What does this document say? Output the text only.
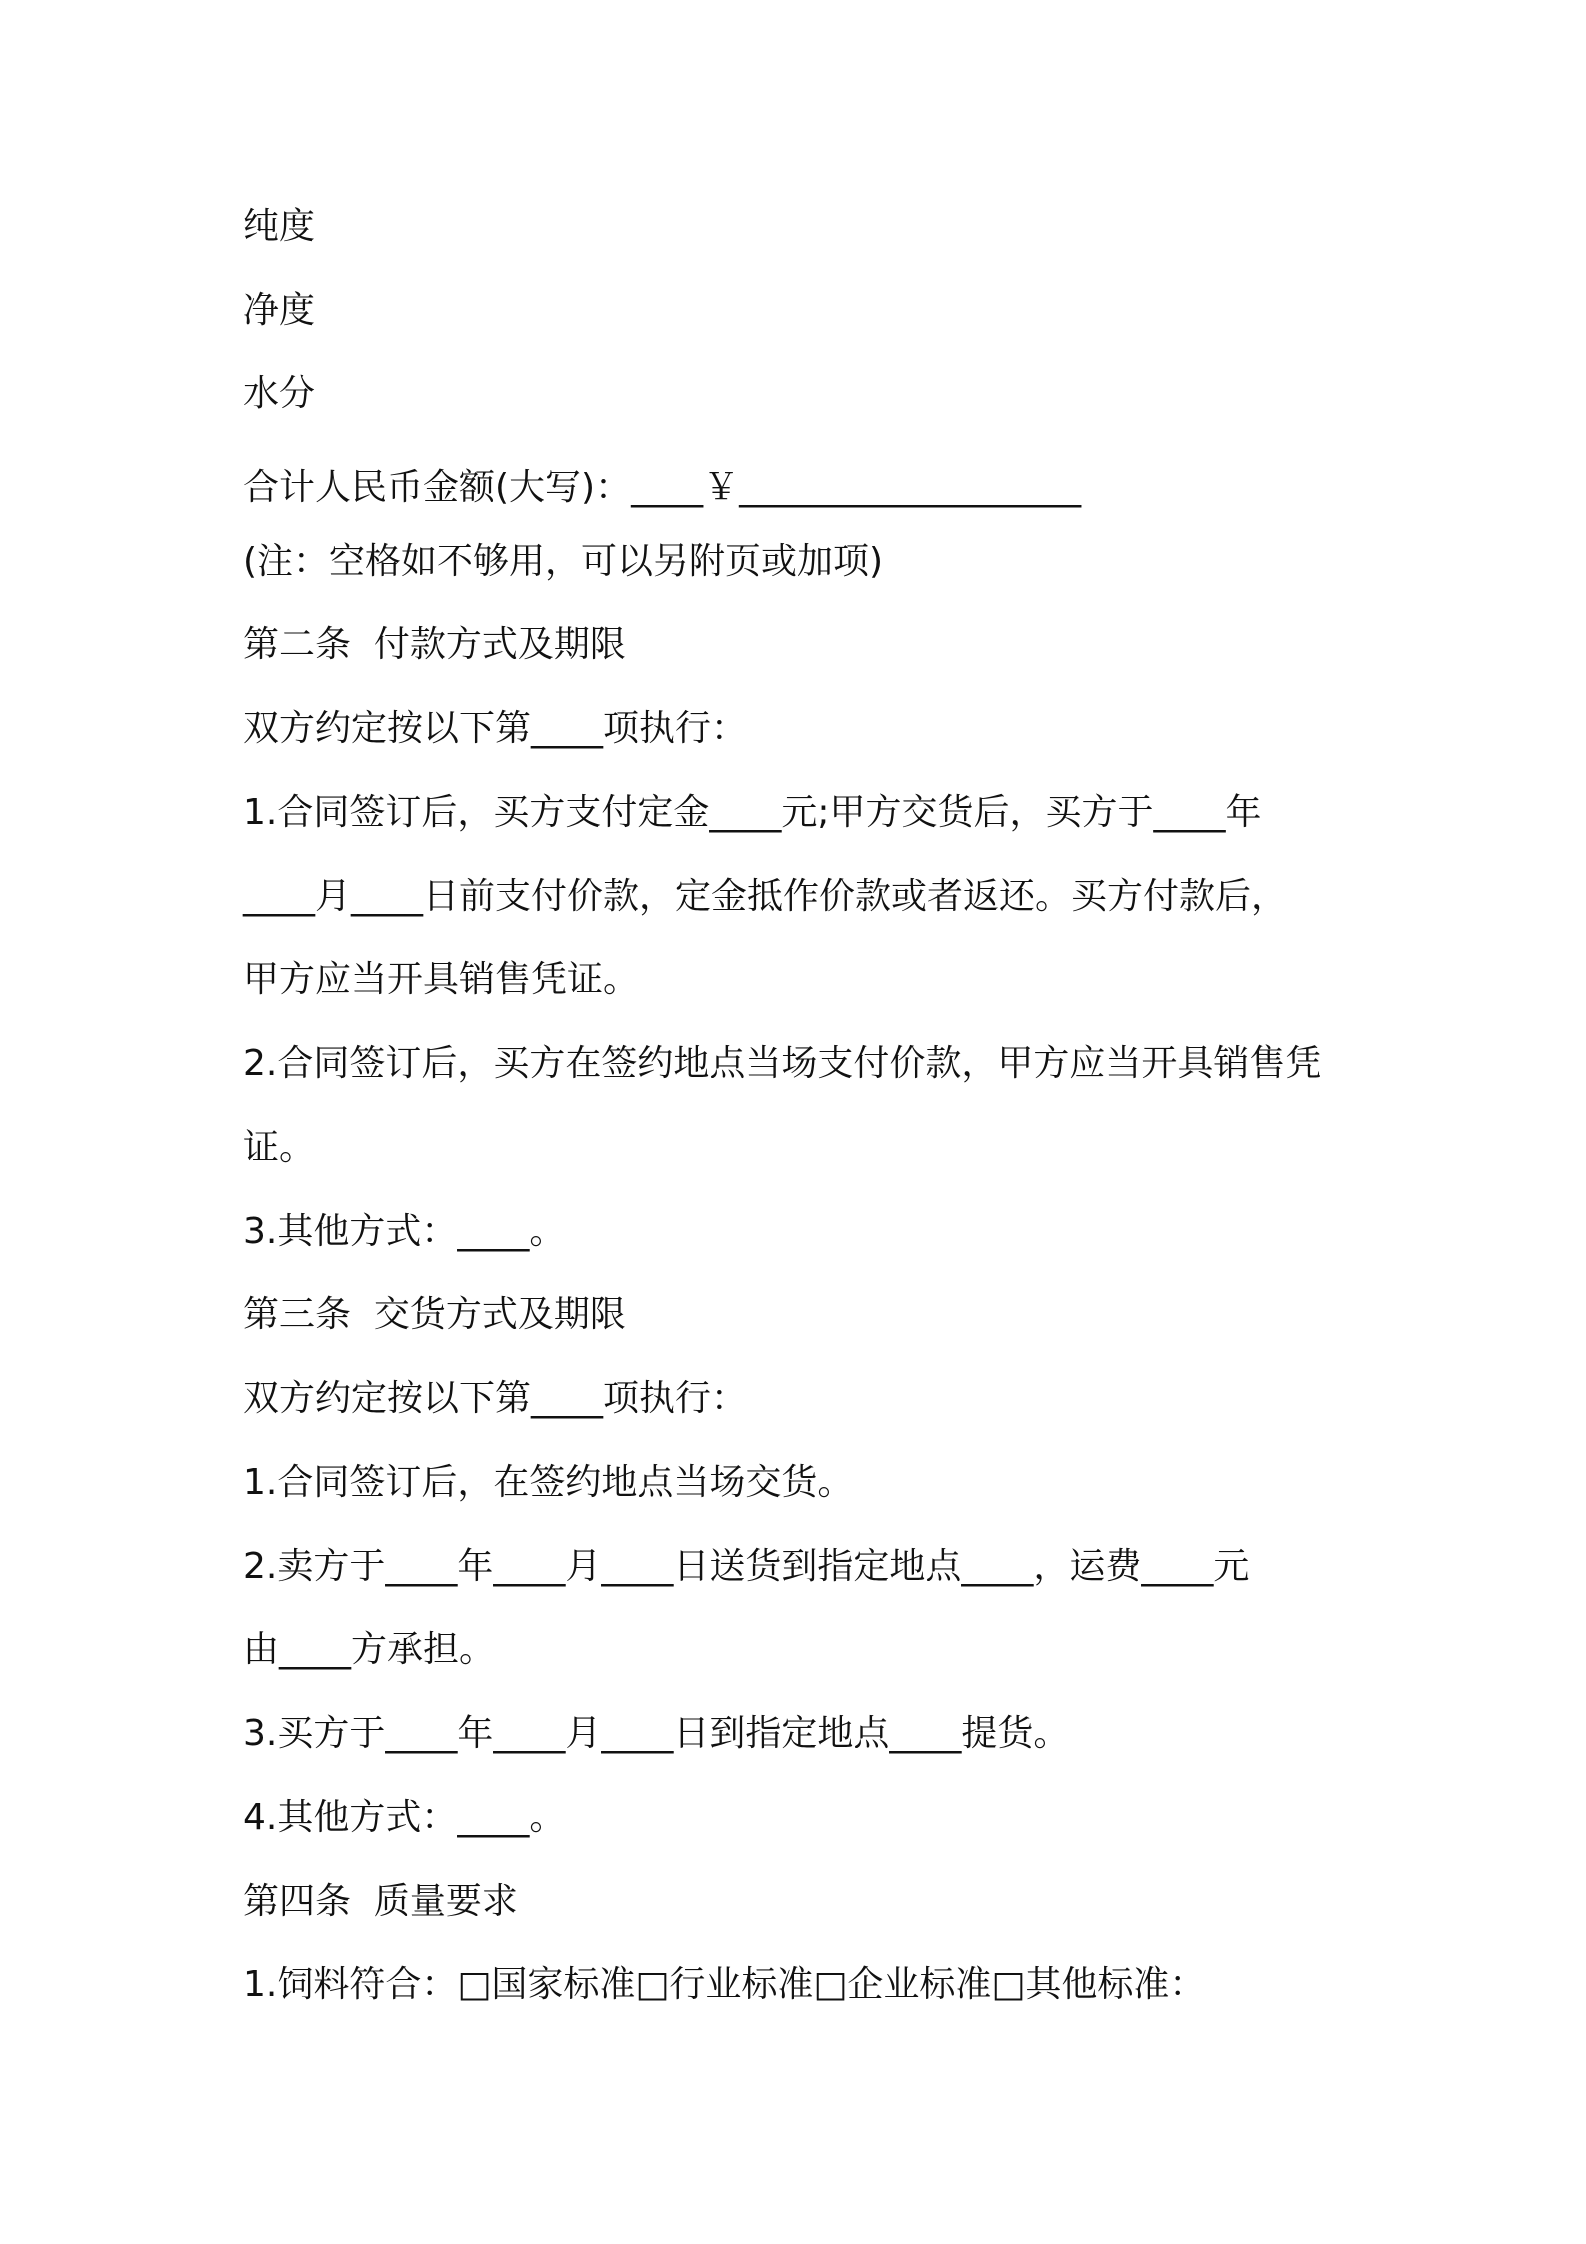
纯度

净度

水分

合计人民币金额(大写)：____￥___________________

(注：空格如不够用，可以另附页或加项)

第二条  付款方式及期限

双方约定按以下第____项执行：

1.合同签订后，买方支付定金____元;甲方交货后，买方于____年

____月____日前支付价款，定金抵作价款或者返还。买方付款后，

甲方应当开具销售凭证。

2.合同签订后，买方在签约地点当场支付价款，甲方应当开具销售凭

证。

3.其他方式：____。

第三条  交货方式及期限

双方约定按以下第____项执行：

1.合同签订后，在签约地点当场交货。

2.卖方于____年____月____日送货到指定地点____，运费____元

由____方承担。

3.买方于____年____月____日到指定地点____提货。

4.其他方式：____。

第四条  质量要求

1.饲料符合：□国家标准□行业标准□企业标准□其他标准：
